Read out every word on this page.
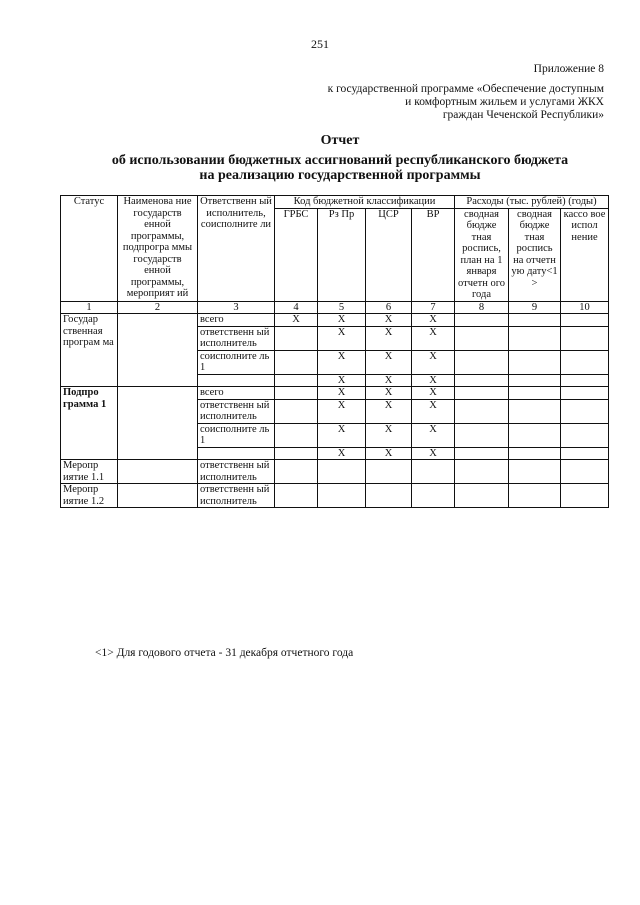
251
Приложение 8
к государственной программе «Обеспечение доступным
и комфортным жильем и услугами ЖКХ
граждан Чеченской Республики»
Отчет
об использовании бюджетных ассигнований республиканского бюджета
на реализацию государственной программы
Статус	Наименова ние государств енной программы, подпрогра ммы государств енной программы, мероприят ий	Ответственн ый исполнитель, соисполните ли	Код бюджетной классификации				Расходы (тыс. рублей) (годы)		
			ГРБС	Рз Пр	ЦСР	ВР	сводная бюдже тная роспись, план на 1 января отчетн ого года	сводная бюдже тная роспись на отчетн ую дату<1 >	кассо вое испол нение
1	2	3	4	5	6	7	8	9	10
Государ ственная програм ма		всего	X	X	X	X			
		ответственн ый исполнитель		X	X	X			
		соисполните ль 1		X	X	X			
				X	X	X			
Подпро грамма 1		всего		X	X	X			
		ответственн ый исполнитель		X	X	X			
		соисполните ль 1		X	X	X			
				X	X	X			
Меропр иятие 1.1		ответственн ый исполнитель							
Меропр иятие 1.2		ответственн ый исполнитель							
<1> Для годового отчета - 31 декабря отчетного года
